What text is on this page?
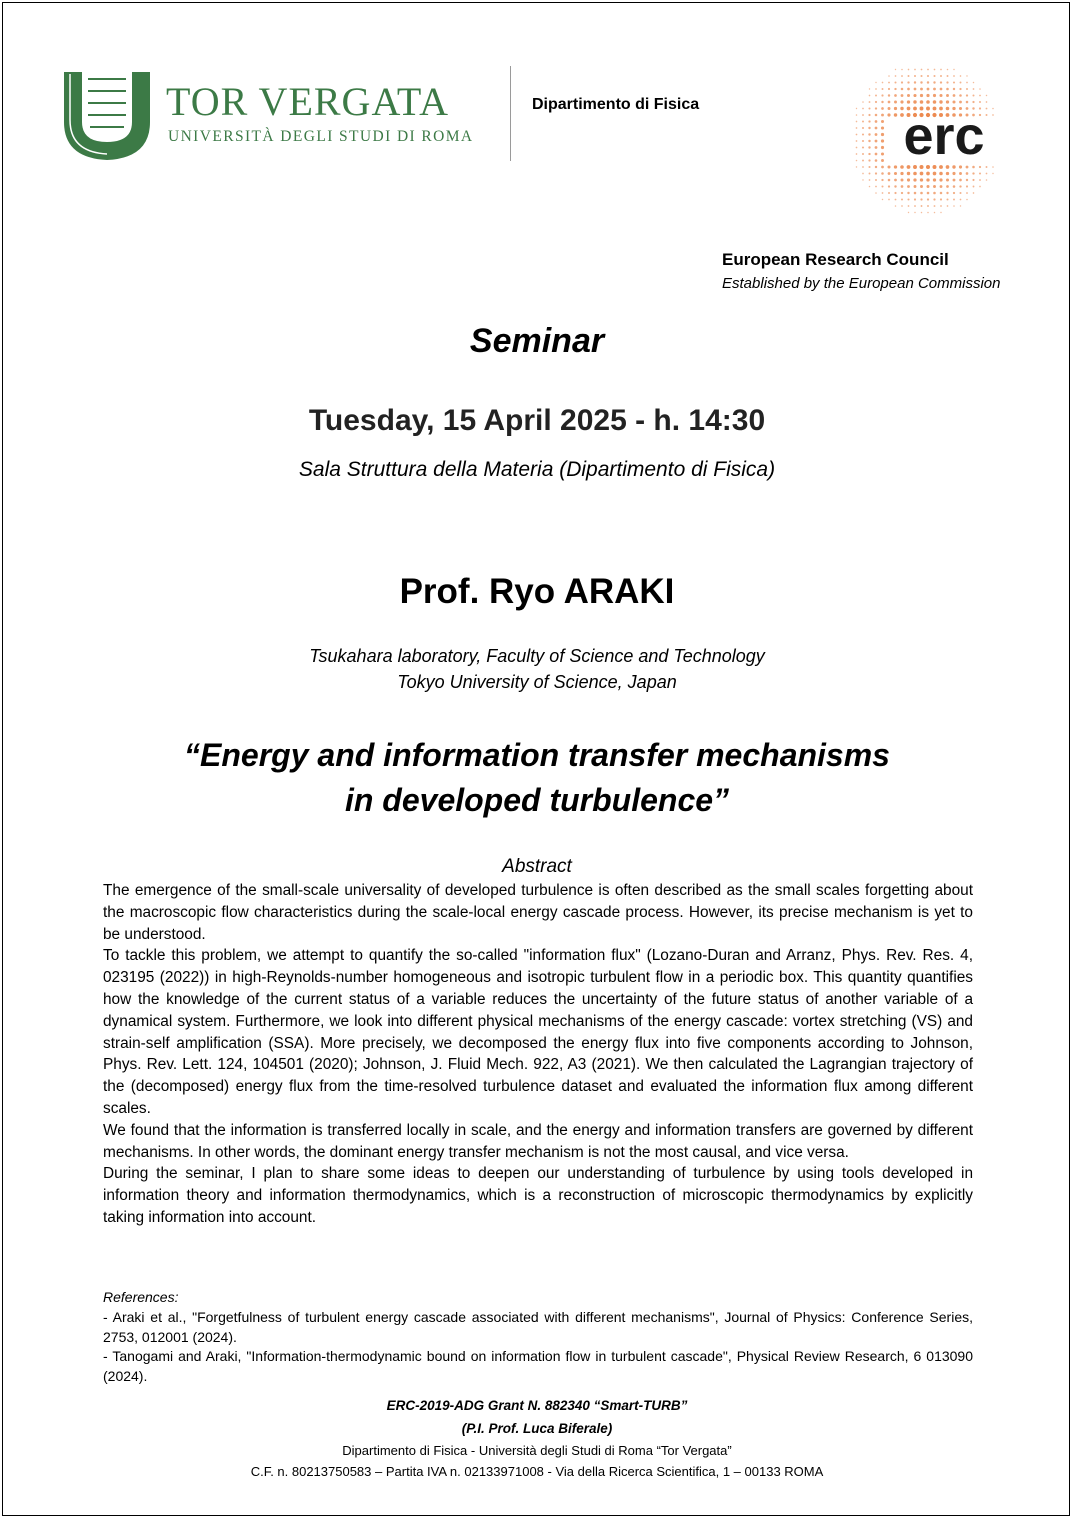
TOR VERGATA
UNIVERSITÀ DEGLI STUDI DI ROMA
Dipartimento di Fisica
erc
European Research Council
Established by the European Commission
Seminar
Tuesday, 15 April 2025 - h. 14:30
Sala Struttura della Materia (Dipartimento di Fisica)
Prof. Ryo ARAKI
Tsukahara laboratory, Faculty of Science and Technology
Tokyo University of Science, Japan
“Energy and information transfer mechanisms
in developed turbulence”
Abstract

The emergence of the small-scale universality of developed turbulence is often described as the small scales forgetting about the macroscopic flow characteristics during the scale-local energy cascade process. However, its precise mechanism is yet to be understood.

To tackle this problem, we attempt to quantify the so-called "information flux" (Lozano-Duran and Arranz, Phys. Rev. Res. 4, 023195 (2022)) in high-Reynolds-number homogeneous and isotropic turbulent flow in a periodic box. This quantity quantifies how the knowledge of the current status of a variable reduces the uncertainty of the future status of another variable of a dynamical system. Furthermore, we look into different physical mechanisms of the energy cascade: vortex stretching (VS) and strain-self amplification (SSA). More precisely, we decomposed the energy flux into five components according to Johnson, Phys. Rev. Lett. 124, 104501 (2020); Johnson, J. Fluid Mech. 922, A3 (2021). We then calculated the Lagrangian trajectory of the (decomposed) energy flux from the time-resolved turbulence dataset and evaluated the information flux among different scales.

We found that the information is transferred locally in scale, and the energy and information transfers are governed by different mechanisms. In other words, the dominant energy transfer mechanism is not the most causal, and vice versa.

During the seminar, I plan to share some ideas to deepen our understanding of turbulence by using tools developed in information theory and information thermodynamics, which is a reconstruction of microscopic thermodynamics by explicitly taking information into account.

References:

- Araki et al., "Forgetfulness of turbulent energy cascade associated with different mechanisms", Journal of Physics: Conference Series, 2753, 012001 (2024).

- Tanogami and Araki, "Information-thermodynamic bound on information flow in turbulent cascade", Physical Review Research, 6 013090 (2024).

ERC-2019-ADG Grant N. 882340 “Smart-TURB”
(P.I. Prof. Luca Biferale)
Dipartimento di Fisica - Università degli Studi di Roma “Tor Vergata”
C.F. n. 80213750583 – Partita IVA n. 02133971008 - Via della Ricerca Scientifica, 1 – 00133 ROMA
